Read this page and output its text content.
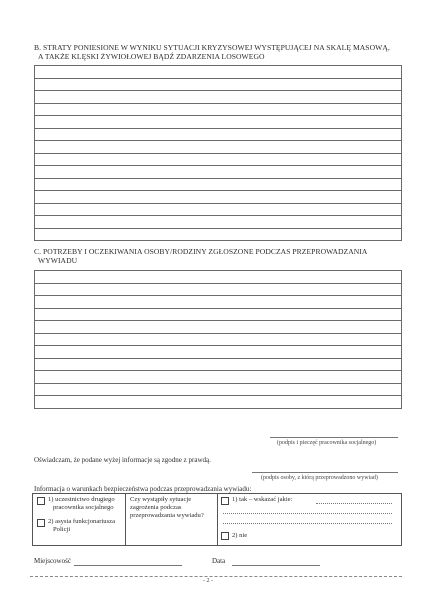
B. STRATY PONIESIONE W WYNIKU SYTUACJI KRYZYSOWEJ WYSTĘPUJĄCEJ NA SKALĘ MASOWĄ,
A TAKŻE KLĘSKI ŻYWIOŁOWEJ BĄDŹ ZDARZENIA LOSOWEGO
C. POTRZEBY I OCZEKIWANIA OSOBY/RODZINY ZGŁOSZONE PODCZAS PRZEPROWADZANIA
WYWIADU
(podpis i pieczęć pracownika socjalnego)
Oświadczam, że podane wyżej informacje są zgodne z prawdą.
(podpis osoby, z którą przeprowadzono wywiad)
Informacja o warunkach bezpieczeństwa podczas przeprowadzania wywiadu:
1) uczestnictwo drugiego
pracownika socjalnego
2) asysta funkcjonariusza
Policji
Czy wystąpiły sytuacje
zagrożenia podczas
przeprowadzania wywiadu?
1) tak – wskazać jakie:
2) nie
Miejscowość	Data
- 2 -
